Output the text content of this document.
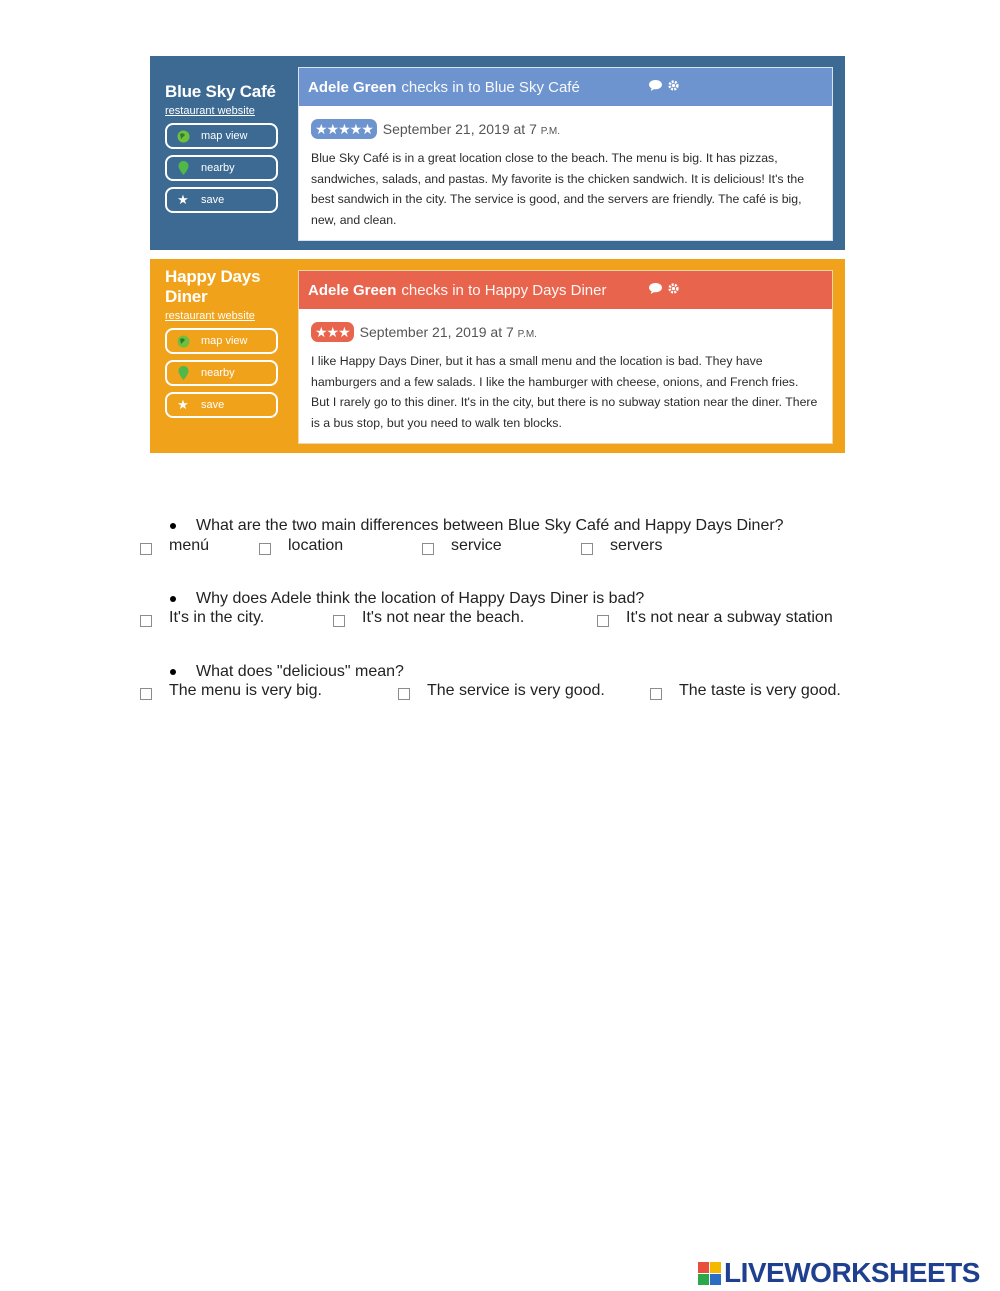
Blue Sky Café
restaurant website
map view
nearby
★ save
Adele Green checks in to Blue Sky Café
★★★★★ September 21, 2019 at 7 P.M.
Blue Sky Café is in a great location close to the beach. The menu is big. It has pizzas, sandwiches, salads, and pastas. My favorite is the chicken sandwich. It is delicious! It's the best sandwich in the city. The service is good, and the servers are friendly. The café is big, new, and clean.
Happy Days Diner
restaurant website
map view
nearby
★ save
Adele Green checks in to Happy Days Diner
★★★ September 21, 2019 at 7 P.M.
I like Happy Days Diner, but it has a small menu and the location is bad. They have hamburgers and a few salads. I like the hamburger with cheese, onions, and French fries. But I rarely go to this diner. It's in the city, but there is no subway station near the diner. There is a bus stop, but you need to walk ten blocks.
What are the two main differences between Blue Sky Café and Happy Days Diner?
menú	location	service	servers
Why does Adele think the location of Happy Days Diner is bad?
It's in the city.	It's not near the beach.	It's not near a subway station
What does "delicious" mean?
The menu is very big.	The service is very good.	The taste is very good.
LIVEWORKSHEETS
